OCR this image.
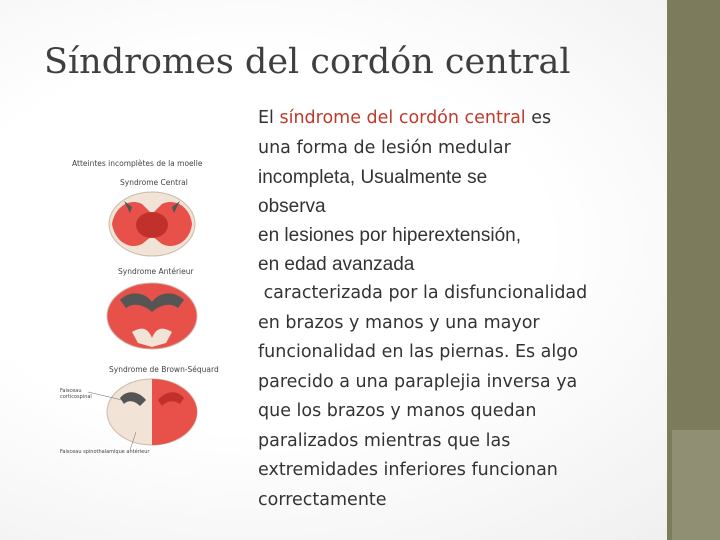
Síndromes del cordón central
Atteintes incomplètes de la moelle
Syndrome Central
Syndrome Antérieur
Syndrome de Brown-Séquard
Faisceau corticospinal
Faisceau spinothalamique antérieur
El síndrome del cordón central es
una forma de lesión medular
incompleta, Usualmente se
observa
en lesiones por hiperextensión,
en edad avanzada
caracterizada por la disfuncionalidad
en brazos y manos y una mayor
funcionalidad en las piernas. Es algo
parecido a una paraplejia inversa ya
que los brazos y manos quedan
paralizados mientras que las
extremidades inferiores funcionan
correctamente
